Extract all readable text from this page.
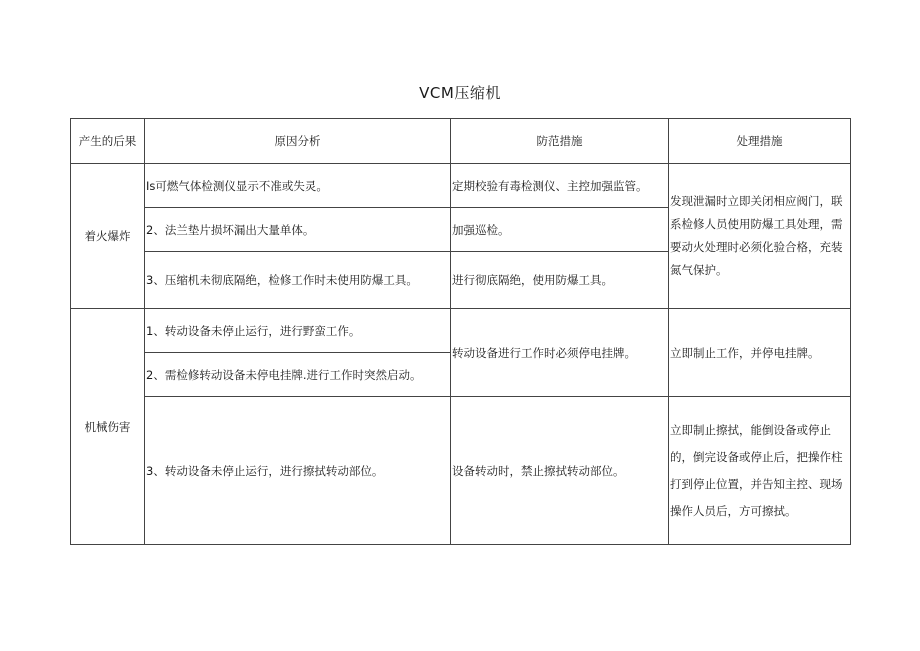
VCM压缩机
产生的后果	原因分析	防范措施	处理措施
着火爆炸	Is可燃气体检测仪显示不准或失灵。	定期校验有毒检测仪、主控加强监管。	发现泄漏时立即关闭相应阀门，联系检修人员使用防爆工具处理，需要动火处理时必须化验合格，充装氮气保护。
	2、法兰垫片损坏漏出大量单体。	加强巡检。	
	3、压缩机未彻底隔绝，检修工作时未使用防爆工具。	进行彻底隔绝，使用防爆工具。	
机械伤害	1、转动设备未停止运行，进行野蛮工作。	转动设备进行工作时必须停电挂牌。	立即制止工作，并停电挂牌。
	2、需检修转动设备未停电挂牌.进行工作时突然启动。		
	3、转动设备未停止运行，进行擦拭转动部位。	设备转动时，禁止擦拭转动部位。	立即制止擦拭，能倒设备或停止的，倒完设备或停止后，把操作柱打到停止位置，并告知主控、现场操作人员后，方可擦拭。
